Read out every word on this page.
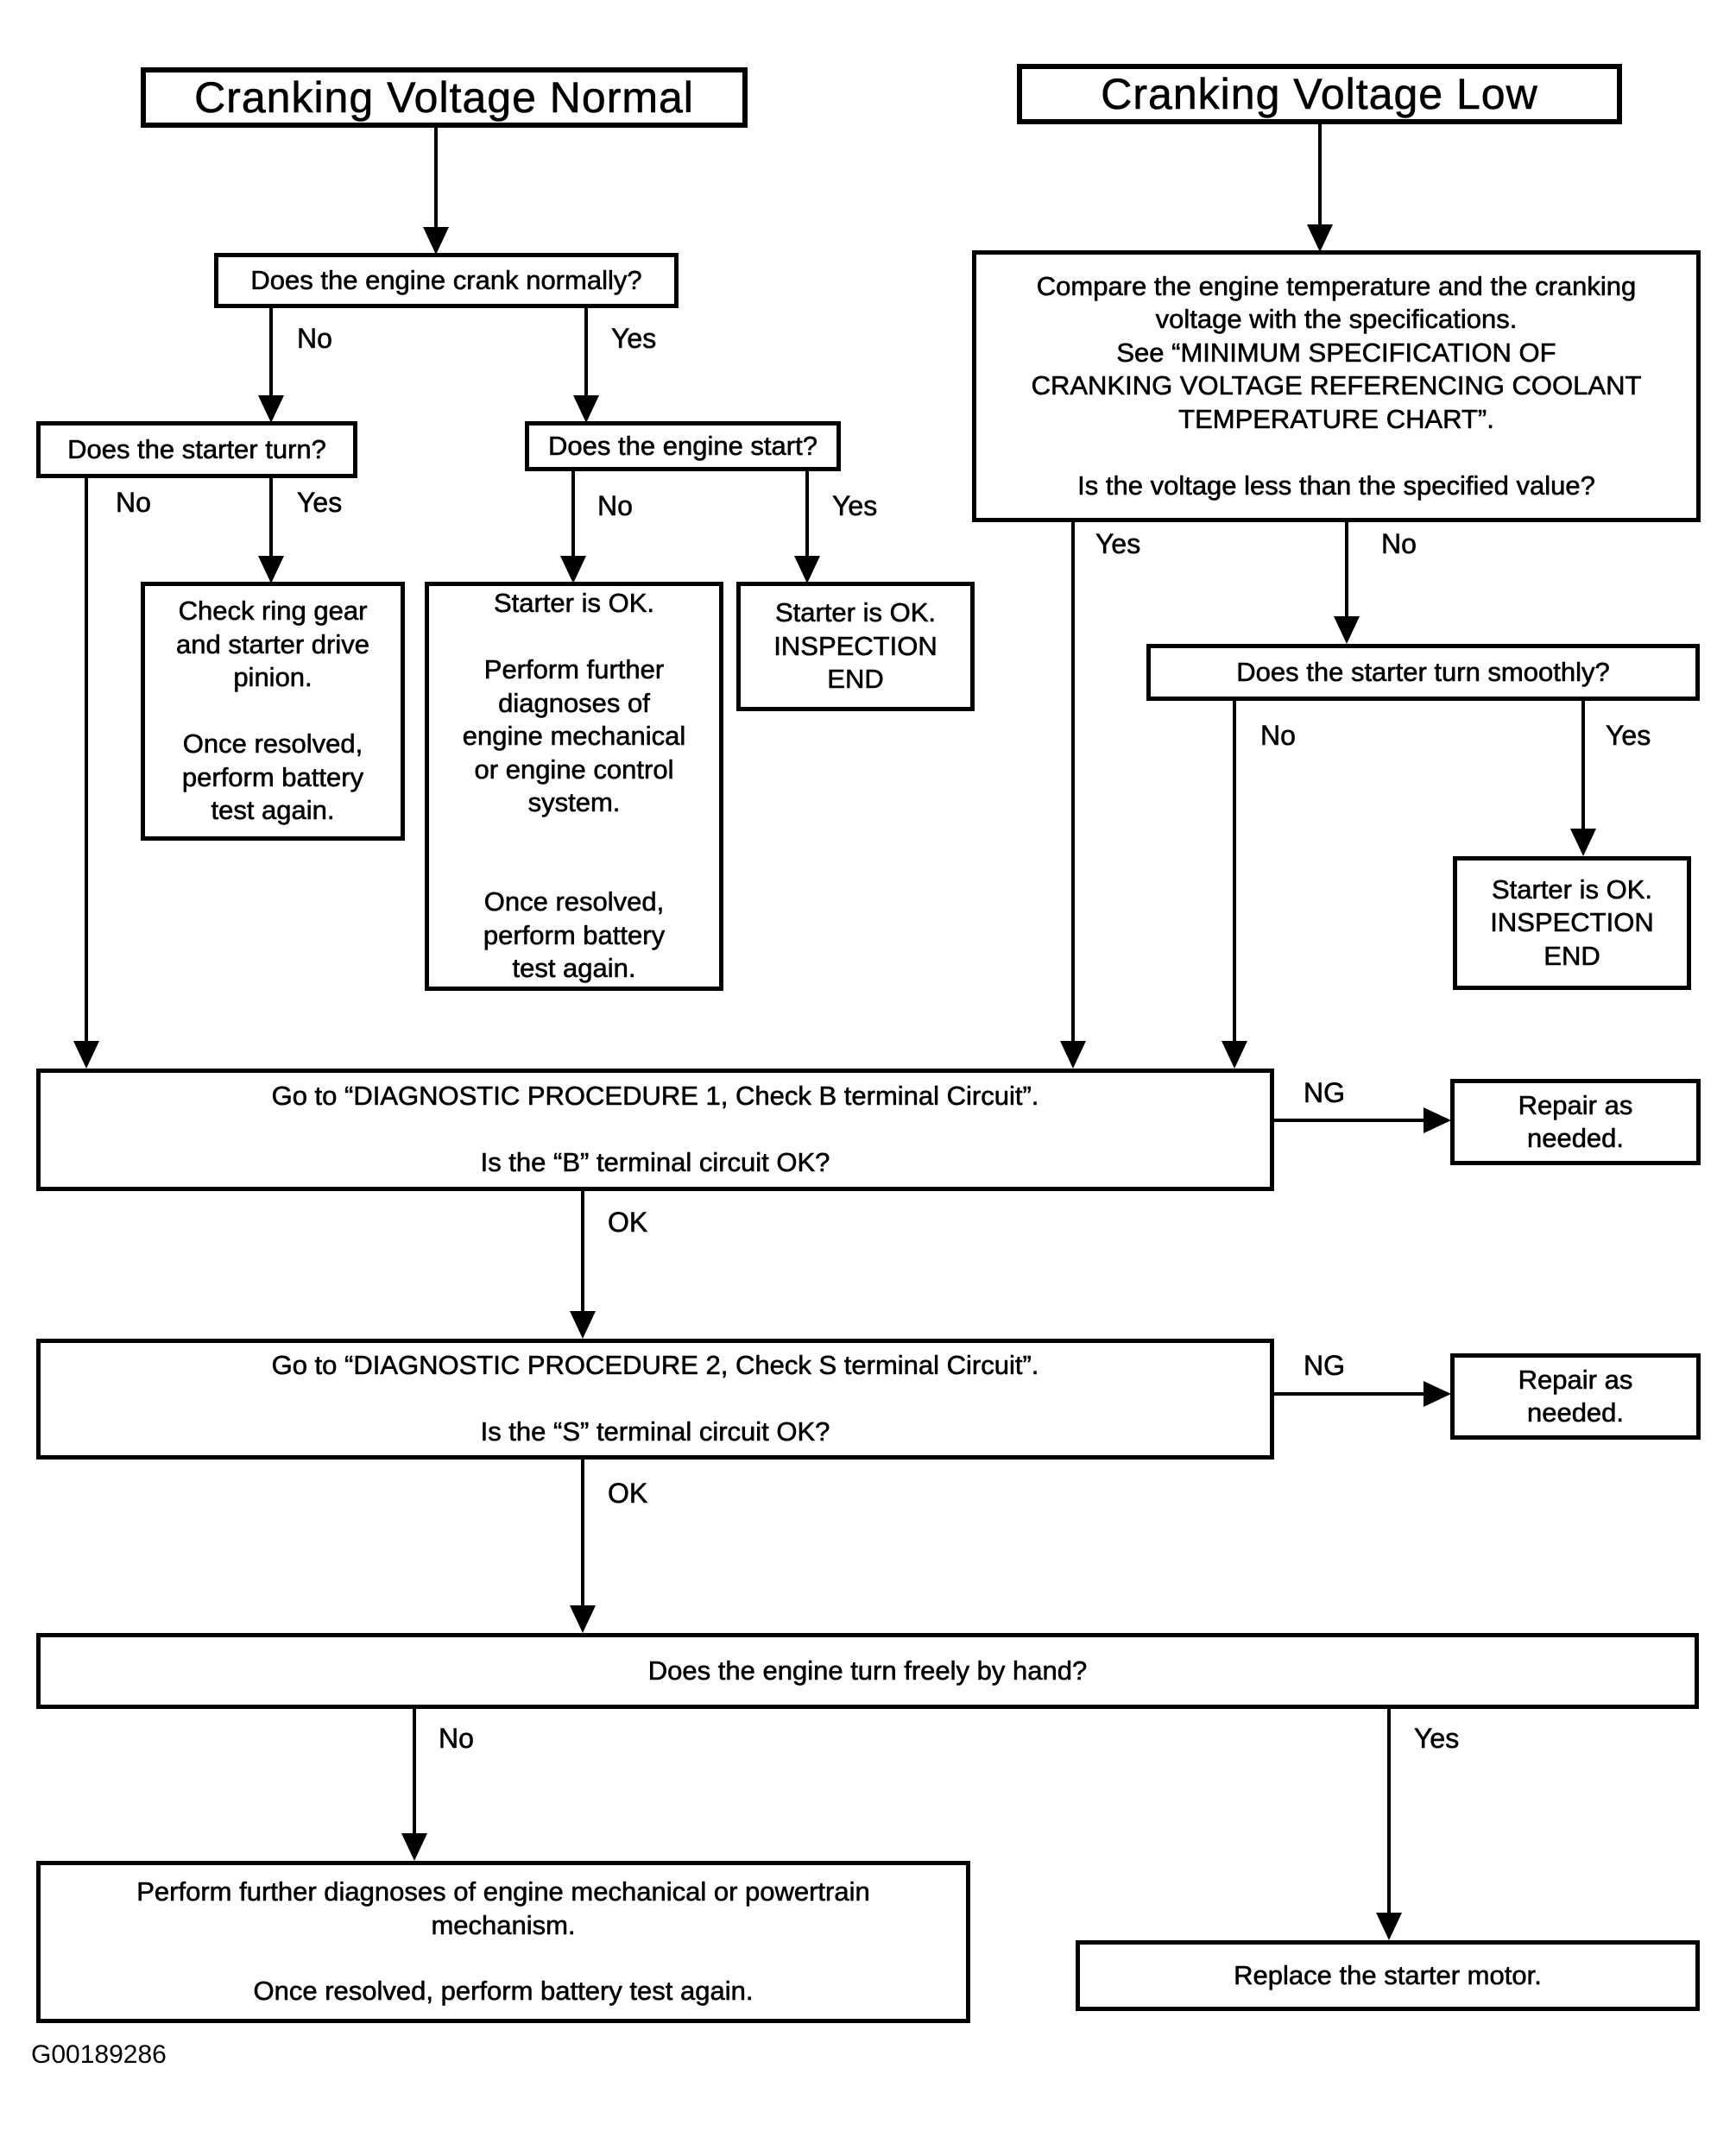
Cranking Voltage Normal	Cranking Voltage Low
Does the engine crank normally?
Does the starter turn?	Does the engine start?
Check ring gear
and starter drive
pinion.

Once resolved,
perform battery
test again.
Starter is OK.

Perform further
diagnoses of
engine mechanical
or engine control
system.

Once resolved,
perform battery
test again.
Starter is OK.
INSPECTION
END
Compare the engine temperature and the cranking
voltage with the specifications.
See “MINIMUM SPECIFICATION OF
CRANKING VOLTAGE REFERENCING COOLANT
TEMPERATURE CHART”.

Is the voltage less than the specified value?
Does the starter turn smoothly?
Starter is OK.
INSPECTION
END
Go to “DIAGNOSTIC PROCEDURE 1, Check B terminal Circuit”.

Is the “B” terminal circuit OK?
Repair as
needed.
Go to “DIAGNOSTIC PROCEDURE 2, Check S terminal Circuit”.

Is the “S” terminal circuit OK?
Repair as
needed.
Does the engine turn freely by hand?
Perform further diagnoses of engine mechanical or powertrain
mechanism.

Once resolved, perform battery test again.
Replace the starter motor.
No	Yes
No	Yes	No	Yes
Yes	No
No	Yes
NG
OK
NG
OK
No	Yes
G00189286
